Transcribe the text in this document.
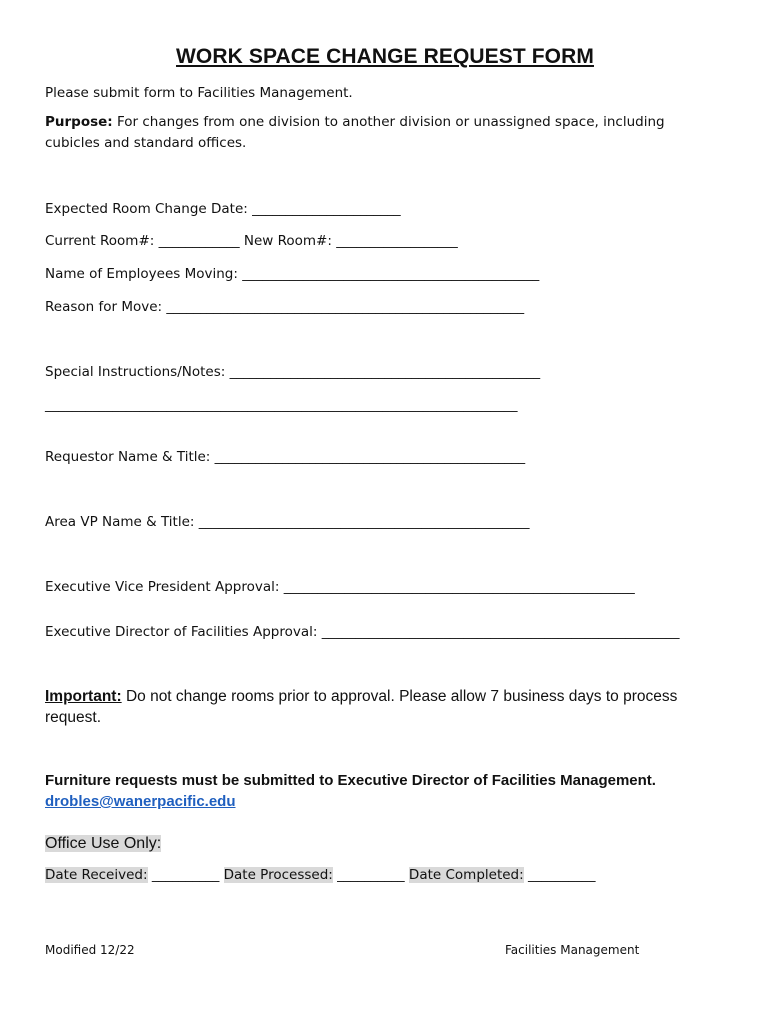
WORK SPACE CHANGE REQUEST FORM
Please submit form to Facilities Management.
Purpose: For changes from one division to another division or unassigned space, including cubicles and standard offices.
Expected Room Change Date: ______________________
Current Room#: ____________ New Room#: __________________
Name of Employees Moving: ____________________________________________
Reason for Move: _____________________________________________________
Special Instructions/Notes: ______________________________________________
______________________________________________________________________
Requestor Name & Title: ______________________________________________
Area VP Name & Title: _________________________________________________
Executive Vice President Approval: ____________________________________________________
Executive Director of Facilities Approval: _____________________________________________________
Important: Do not change rooms prior to approval. Please allow 7 business days to process request.
Furniture requests must be submitted to Executive Director of Facilities Management.
drobles@wanerpacific.edu
Office Use Only:
Date Received: __________ Date Processed: __________ Date Completed: __________
Modified 12/22	Facilities Management
